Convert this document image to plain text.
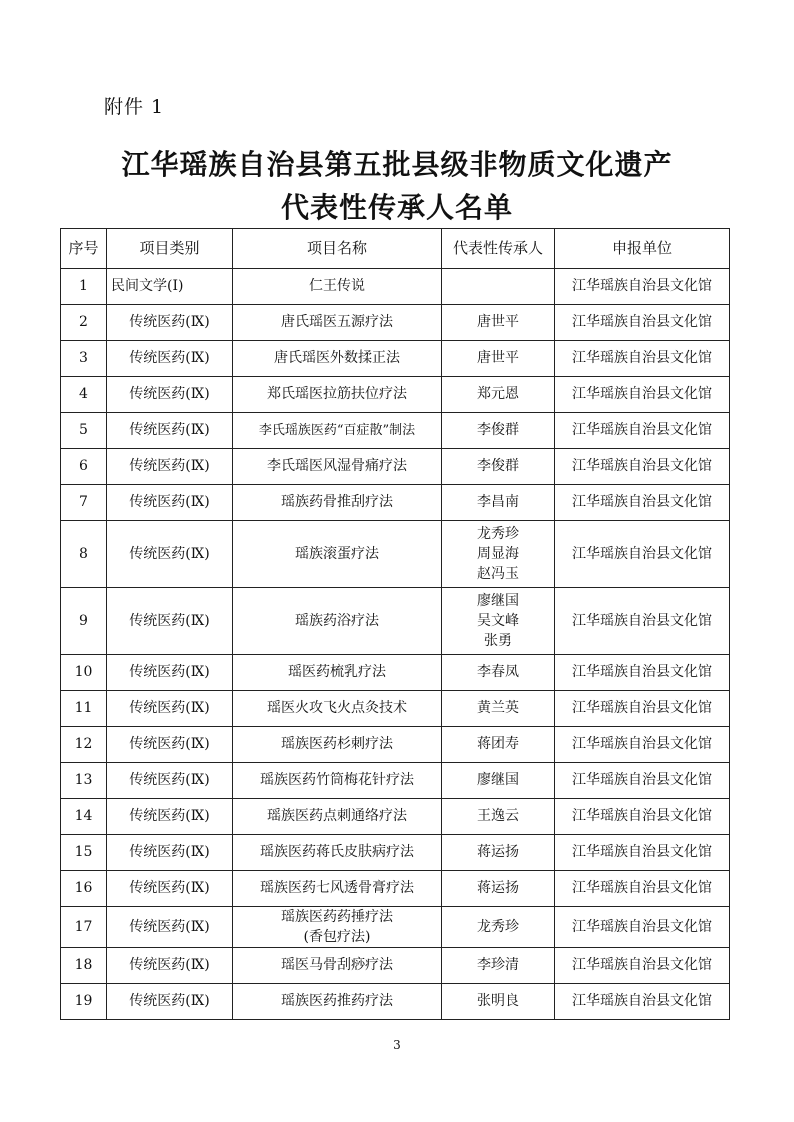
附件 1
江华瑶族自治县第五批县级非物质文化遗产
代表性传承人名单
序号	项目类别	项目名称	代表性传承人	申报单位
1	民间文学(Ⅰ)	仁王传说		江华瑶族自治县文化馆
2	传统医药(Ⅸ)	唐氏瑶医五源疗法	唐世平	江华瑶族自治县文化馆
3	传统医药(Ⅸ)	唐氏瑶医外数揉正法	唐世平	江华瑶族自治县文化馆
4	传统医药(Ⅸ)	郑氏瑶医拉筋扶位疗法	郑元恩	江华瑶族自治县文化馆
5	传统医药(Ⅸ)	李氏瑶族医药“百症散”制法	李俊群	江华瑶族自治县文化馆
6	传统医药(Ⅸ)	李氏瑶医风湿骨痛疗法	李俊群	江华瑶族自治县文化馆
7	传统医药(Ⅸ)	瑶族药骨推刮疗法	李昌南	江华瑶族自治县文化馆
8	传统医药(Ⅸ)	瑶族滚蛋疗法	龙秀珍
周显海
赵冯玉	江华瑶族自治县文化馆
9	传统医药(Ⅸ)	瑶族药浴疗法	廖继国
吴文峰
张勇	江华瑶族自治县文化馆
10	传统医药(Ⅸ)	瑶医药梳乳疗法	李春凤	江华瑶族自治县文化馆
11	传统医药(Ⅸ)	瑶医火攻飞火点灸技术	黄兰英	江华瑶族自治县文化馆
12	传统医药(Ⅸ)	瑶族医药杉刺疗法	蒋团寿	江华瑶族自治县文化馆
13	传统医药(Ⅸ)	瑶族医药竹筒梅花针疗法	廖继国	江华瑶族自治县文化馆
14	传统医药(Ⅸ)	瑶族医药点刺通络疗法	王逸云	江华瑶族自治县文化馆
15	传统医药(Ⅸ)	瑶族医药蒋氏皮肤病疗法	蒋运扬	江华瑶族自治县文化馆
16	传统医药(Ⅸ)	瑶族医药七风透骨膏疗法	蒋运扬	江华瑶族自治县文化馆
17	传统医药(Ⅸ)	瑶族医药药捶疗法
(香包疗法)	龙秀珍	江华瑶族自治县文化馆
18	传统医药(Ⅸ)	瑶医马骨刮痧疗法	李珍清	江华瑶族自治县文化馆
19	传统医药(Ⅸ)	瑶族医药推药疗法	张明良	江华瑶族自治县文化馆
3
